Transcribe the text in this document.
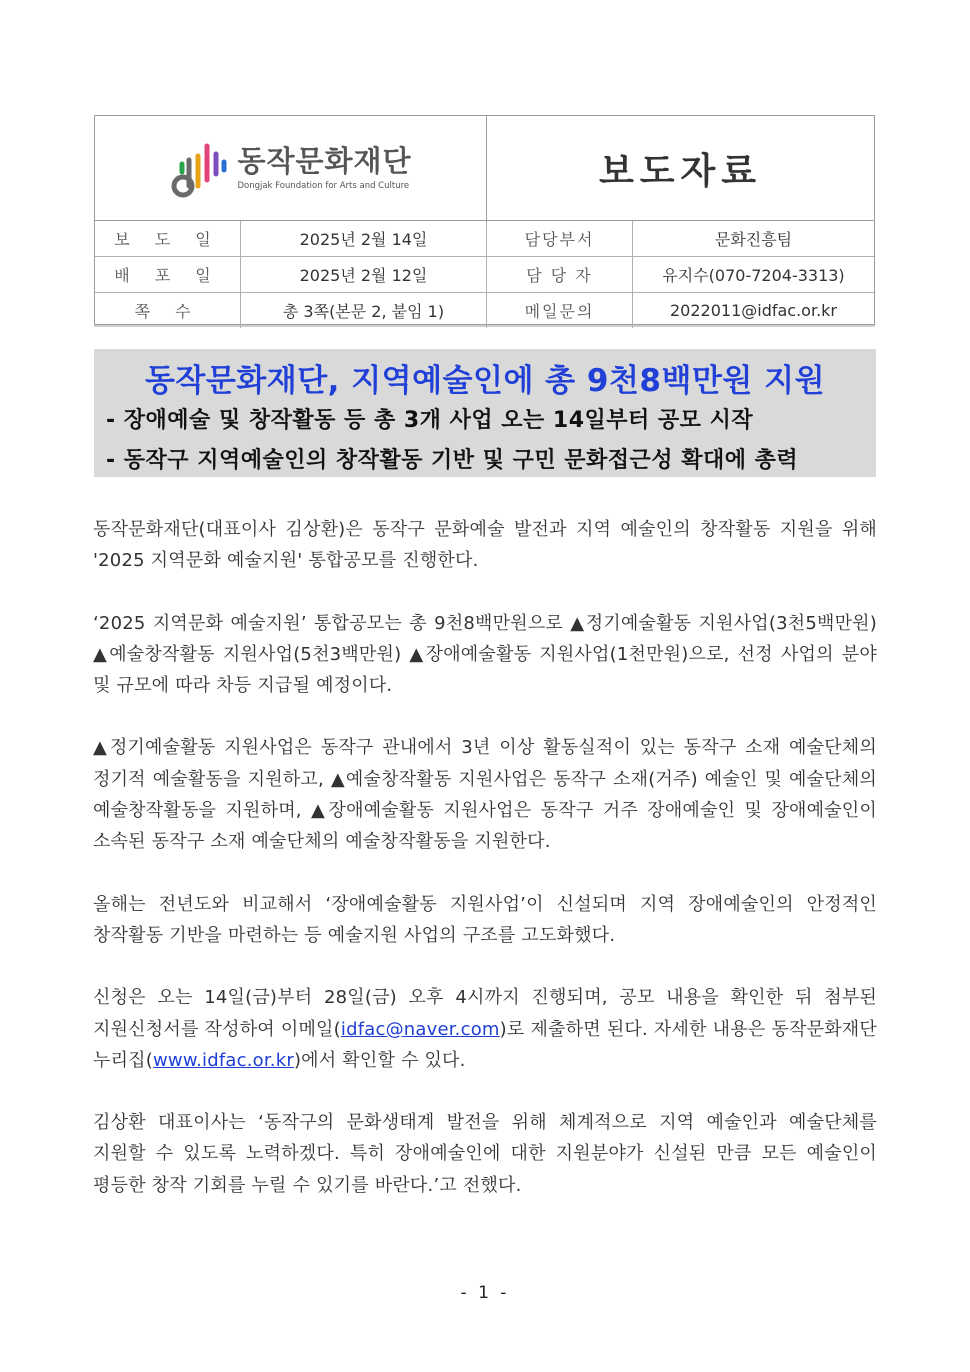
동작문화재단
Dongjak Foundation for Arts and Culture	보도자료
보 도 일	2025년 2월 14일	담당부서	문화진흥팀
배 포 일	2025년 2월 12일	담 당 자	유지수(070-7204-3313)
쪽 수	총 3쪽(본문 2, 붙임 1)	메일문의	2022011@idfac.or.kr
동작문화재단, 지역예술인에 총 9천8백만원 지원
- 장애예술 및 창작활동 등 총 3개 사업 오는 14일부터 공모 시작
- 동작구 지역예술인의 창작활동 기반 및 구민 문화접근성 확대에 총력

동작문화재단(대표이사 김상환)은 동작구 문화예술 발전과 지역 예술인의 창작활동 지원을 위해 '2025 지역문화 예술지원' 통합공모를 진행한다.

‘2025 지역문화 예술지원’ 통합공모는 총 9천8백만원으로 ▲정기예술활동 지원사업(3천5백만원) ▲예술창작활동 지원사업(5천3백만원) ▲장애예술활동 지원사업(1천만원)으로, 선정 사업의 분야 및 규모에 따라 차등 지급될 예정이다.

▲정기예술활동 지원사업은 동작구 관내에서 3년 이상 활동실적이 있는 동작구 소재 예술단체의 정기적 예술활동을 지원하고, ▲예술창작활동 지원사업은 동작구 소재(거주) 예술인 및 예술단체의 예술창작활동을 지원하며, ▲장애예술활동 지원사업은 동작구 거주 장애예술인 및 장애예술인이 소속된 동작구 소재 예술단체의 예술창작활동을 지원한다.

올해는 전년도와 비교해서 ‘장애예술활동 지원사업’이 신설되며 지역 장애예술인의 안정적인 창작활동 기반을 마련하는 등 예술지원 사업의 구조를 고도화했다.

신청은 오는 14일(금)부터 28일(금) 오후 4시까지 진행되며, 공모 내용을 확인한 뒤 첨부된 지원신청서를 작성하여 이메일(idfac@naver.com)로 제출하면 된다. 자세한 내용은 동작문화재단 누리집(www.idfac.or.kr)에서 확인할 수 있다.

김상환 대표이사는 ‘동작구의 문화생태계 발전을 위해 체계적으로 지역 예술인과 예술단체를 지원할 수 있도록 노력하겠다. 특히 장애예술인에 대한 지원분야가 신설된 만큼 모든 예술인이 평등한 창작 기회를 누릴 수 있기를 바란다.’고 전했다.

- 1 -
